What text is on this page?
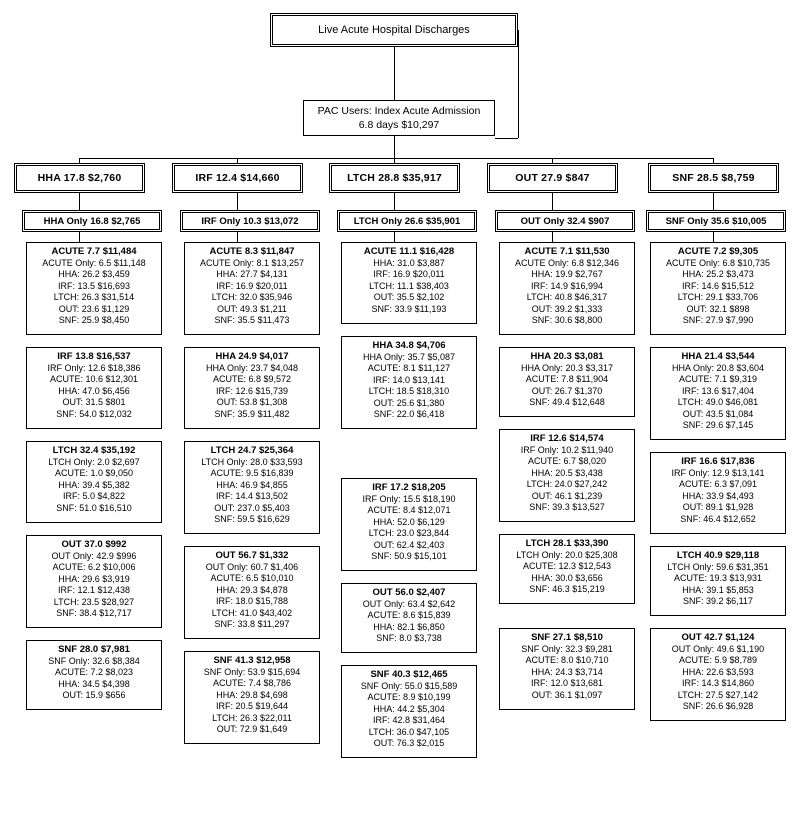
Live Acute Hospital Discharges
PAC Users: Index Acute Admission
6.8 days $10,297
HHA 17.8 $2,760
HHA Only 16.8 $2,765
ACUTE 7.7 $11,484
ACUTE Only: 6.5 $11,148
HHA: 26.2 $3,459
IRF: 13.5 $16,693
LTCH: 26.3 $31,514
OUT: 23.6 $1,129
SNF: 25.9 $8,450
IRF 13.8 $16,537
IRF Only: 12.6 $18,386
ACUTE: 10.6 $12,301
HHA: 47.0 $6,456
OUT: 31.5 $801
SNF: 54.0 $12,032
LTCH 32.4 $35,192
LTCH Only: 2.0 $2,697
ACUTE: 1.0 $9,050
HHA: 39.4 $5,382
IRF: 5.0 $4,822
SNF: 51.0 $16,510
OUT 37.0 $992
OUT Only: 42.9 $996
ACUTE: 6.2 $10,006
HHA: 29.6 $3,919
IRF: 12.1 $12,438
LTCH: 23.5 $28,927
SNF: 38.4 $12,717
SNF 28.0 $7,981
SNF Only: 32.6 $8,384
ACUTE: 7.2 $8,023
HHA: 34.5 $4,398
OUT: 15.9 $656
IRF 12.4 $14,660
IRF Only 10.3 $13,072
ACUTE 8.3 $11,847
ACUTE Only: 8.1 $13,257
HHA: 27.7 $4,131
IRF: 16.9 $20,011
LTCH: 32.0 $35,946
OUT: 49.3 $1,211
SNF: 35.5 $11,473
HHA 24.9 $4,017
HHA Only: 23.7 $4,048
ACUTE: 6.8 $9,572
IRF: 12.6 $15,739
OUT: 53.8 $1,308
SNF: 35.9 $11,482
LTCH 24.7 $25,364
LTCH Only: 28.0 $33,593
ACUTE: 9.5 $16,839
HHA: 46.9 $4,855
IRF: 14.4 $13,502
OUT: 237.0 $5,403
SNF: 59.5 $16,629
OUT 56.7 $1,332
OUT Only: 60.7 $1,406
ACUTE: 6.5 $10,010
HHA: 29.3 $4,878
IRF: 18.0 $15,788
LTCH: 41.0 $43,402
SNF: 33.8 $11,297
SNF 41.3 $12,958
SNF Only: 53.9 $15,694
ACUTE: 7.4 $8,786
HHA: 29.8 $4,698
IRF: 20.5 $19,644
LTCH: 26.3 $22,011
OUT: 72.9 $1,649
LTCH 28.8 $35,917
LTCH Only 26.6 $35,901
ACUTE 11.1 $16,428
HHA: 31.0 $3,887
IRF: 16.9 $20,011
LTCH: 11.1 $38,403
OUT: 35.5 $2,102
SNF: 33.9 $11,193
HHA 34.8 $4,706
HHA Only: 35.7 $5,087
ACUTE: 8.1 $11,127
IRF: 14.0 $13,141
LTCH: 18.5 $18,310
OUT: 25.6 $1,380
SNF: 22.0 $6,418
IRF 17.2 $18,205
IRF Only: 15.5 $18,190
ACUTE: 8.4 $12,071
HHA: 52.0 $6,129
LTCH: 23.0 $23,844
OUT: 62.4 $2,403
SNF: 50.9 $15,101
OUT 56.0 $2,407
OUT Only: 63.4 $2,642
ACUTE: 8.6 $15,839
HHA: 82.1 $6,850
SNF: 8.0 $3,738
SNF 40.3 $12,465
SNF Only: 55.0 $15,589
ACUTE: 8.9 $10,199
HHA: 44.2 $5,304
IRF: 42.8 $31,464
LTCH: 36.0 $47,105
OUT: 76.3 $2,015
OUT 27.9 $847
OUT Only 32.4 $907
ACUTE 7.1 $11,530
ACUTE Only: 6.8 $12,346
HHA: 19.9 $2,767
IRF: 14.9 $16,994
LTCH: 40.8 $46,317
OUT: 39.2 $1,333
SNF: 30.6 $8,800
HHA 20.3 $3,081
HHA Only: 20.3 $3,317
ACUTE: 7.8 $11,904
OUT: 26.7 $1,370
SNF: 49.4 $12,648
IRF 12.6 $14,574
IRF Only: 10.2 $11,940
ACUTE: 6.7 $8,020
HHA: 20.5 $3,438
LTCH: 24.0 $27,242
OUT: 46.1 $1,239
SNF: 39.3 $13,527
LTCH 28.1 $33,390
LTCH Only: 20.0 $25,308
ACUTE: 12.3 $12,543
HHA: 30.0 $3,656
SNF: 46.3 $15,219
SNF 27.1 $8,510
SNF Only: 32.3 $9,281
ACUTE: 8.0 $10,710
HHA: 24.3 $3,714
IRF: 12.0 $13,681
OUT: 36.1 $1,097
SNF 28.5 $8,759
SNF Only 35.6 $10,005
ACUTE 7.2 $9,305
ACUTE Only: 6.8 $10,735
HHA: 25.2 $3,473
IRF: 14.6 $15,512
LTCH: 29.1 $33,706
OUT: 32.1 $898
SNF: 27.9 $7,990
HHA 21.4 $3,544
HHA Only: 20.8 $3,604
ACUTE: 7.1 $9,319
IRF: 13.6 $17,404
LTCH: 49.0 $46,081
OUT: 43.5 $1,084
SNF: 29.6 $7,145
IRF 16.6 $17,836
IRF Only: 12.9 $13,141
ACUTE: 6.3 $7,091
HHA: 33.9 $4,493
OUT: 89.1 $1,928
SNF: 46.4 $12,652
LTCH 40.9 $29,118
LTCH Only: 59.6 $31,351
ACUTE: 19.3 $13,931
HHA: 39.1 $5,853
SNF: 39.2 $6,117
OUT 42.7 $1,124
OUT Only: 49.6 $1,190
ACUTE: 5.9 $8,789
HHA: 22.6 $3,593
IRF: 14.3 $14,860
LTCH: 27.5 $27,142
SNF: 26.6 $6,928
